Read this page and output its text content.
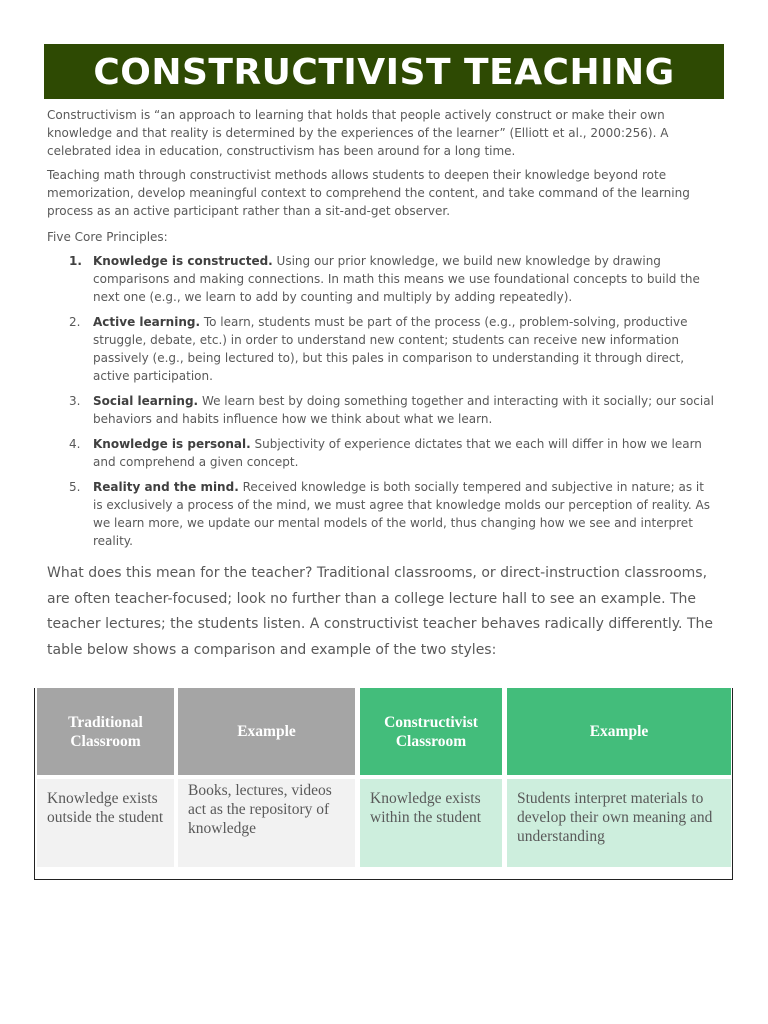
CONSTRUCTIVIST TEACHING

Constructivism is “an approach to learning that holds that people actively construct or make their own knowledge and that reality is determined by the experiences of the learner” (Elliott et al., 2000:256). A celebrated idea in education, constructivism has been around for a long time.

Teaching math through constructivist methods allows students to deepen their knowledge beyond rote memorization, develop meaningful context to comprehend the content, and take command of the learning process as an active participant rather than a sit-and-get observer.

Five Core Principles:

1. Knowledge is constructed. Using our prior knowledge, we build new knowledge by drawing comparisons and making connections. In math this means we use foundational concepts to build the next one (e.g., we learn to add by counting and multiply by adding repeatedly).
2. Active learning. To learn, students must be part of the process (e.g., problem-solving, productive struggle, debate, etc.) in order to understand new content; students can receive new information passively (e.g., being lectured to), but this pales in comparison to understanding it through direct, active participation.
3. Social learning. We learn best by doing something together and interacting with it socially; our social behaviors and habits influence how we think about what we learn.
4. Knowledge is personal. Subjectivity of experience dictates that we each will differ in how we learn and comprehend a given concept.
5. Reality and the mind. Received knowledge is both socially tempered and subjective in nature; as it is exclusively a process of the mind, we must agree that knowledge molds our perception of reality. As we learn more, we update our mental models of the world, thus changing how we see and interpret reality.

What does this mean for the teacher? Traditional classrooms, or direct-instruction classrooms, are often teacher-focused; look no further than a college lecture hall to see an example. The teacher lectures; the students listen. A constructivist teacher behaves radically differently. The table below shows a comparison and example of the two styles:

Traditional Classroom
Example
Constructivist Classroom
Example
Knowledge exists outside the student
Books, lectures, videos act as the repository of knowledge
Knowledge exists within the student
Students interpret materials to develop their own meaning and understanding
